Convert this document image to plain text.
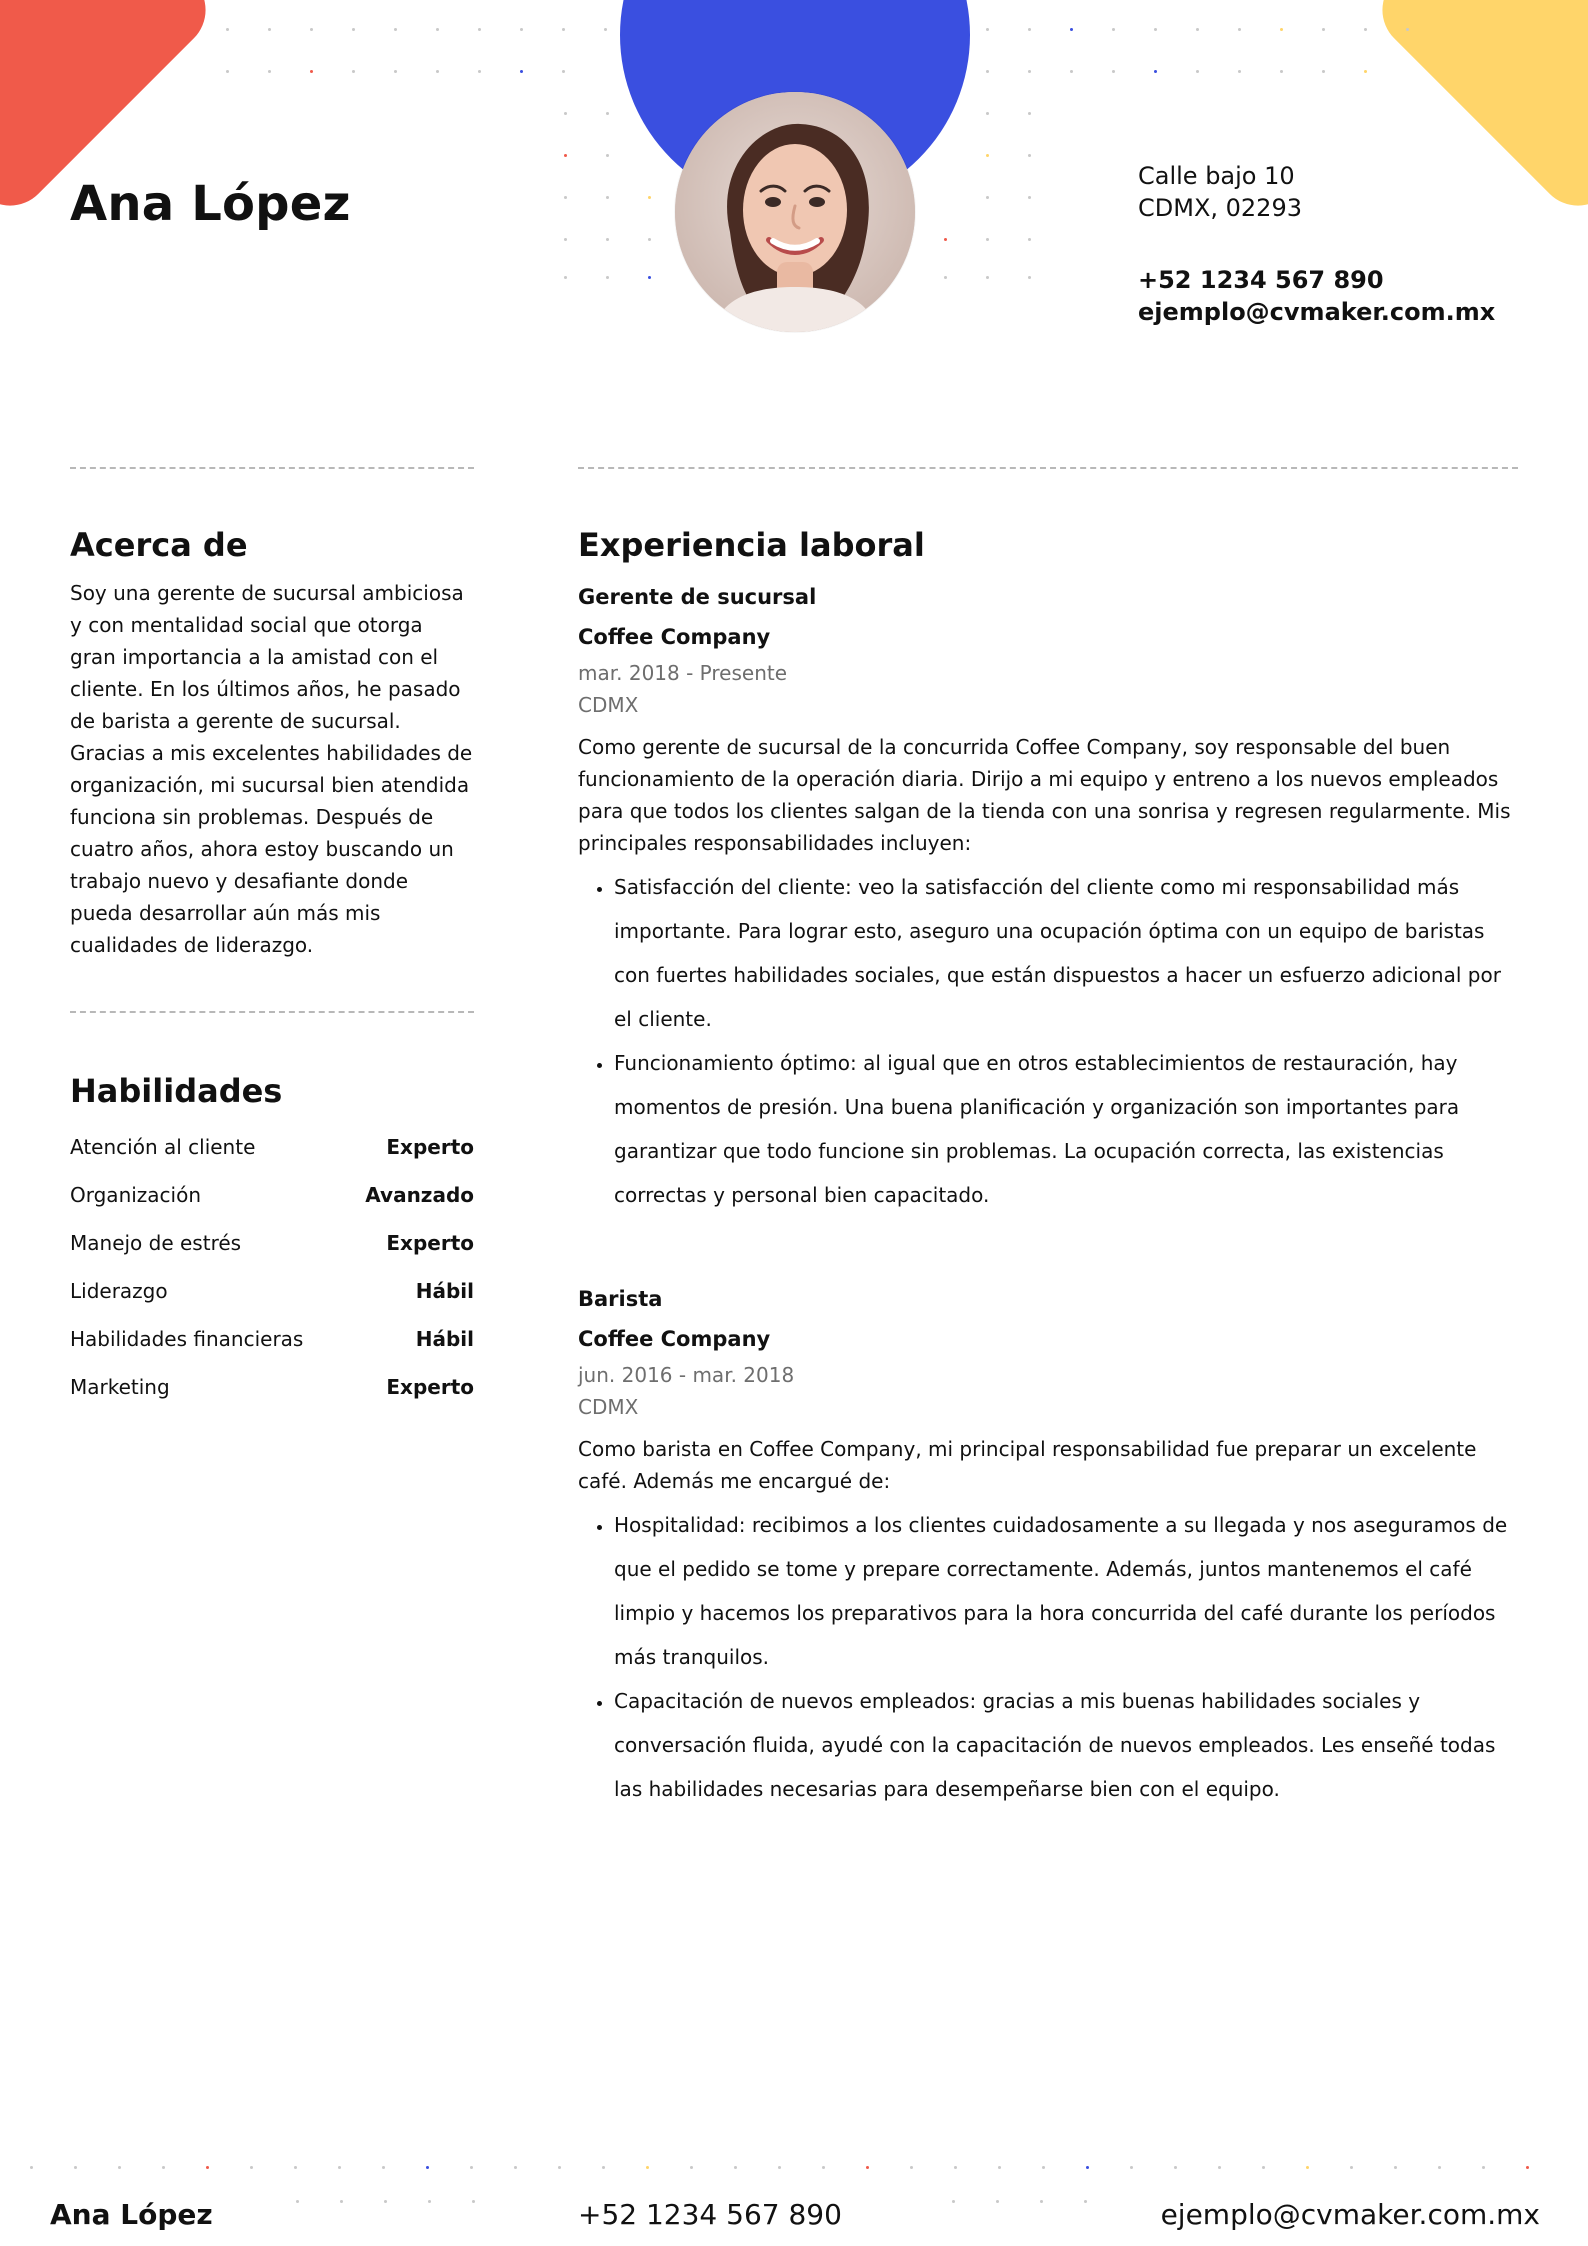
Ana López	Calle bajo 10
CDMX, 02293
+52 1234 567 890
ejemplo@cvmaker.com.mx
Acerca de

Soy una gerente de sucursal ambiciosa y con mentalidad social que otorga gran importancia a la amistad con el cliente. En los últimos años, he pasado de barista a gerente de sucursal. Gracias a mis excelentes habilidades de organización, mi sucursal bien atendida funciona sin problemas. Después de cuatro años, ahora estoy buscando un trabajo nuevo y desafiante donde pueda desarrollar aún más mis cualidades de liderazgo.

Habilidades
Atención al cliente	Experto
Organización	Avanzado
Manejo de estrés	Experto
Liderazgo	Hábil
Habilidades financieras	Hábil
Marketing	Experto
Experiencia laboral
Gerente de sucursal
Coffee Company
mar. 2018 - Presente
CDMX

Como gerente de sucursal de la concurrida Coffee Company, soy responsable del buen funcionamiento de la operación diaria. Dirijo a mi equipo y entreno a los nuevos empleados para que todos los clientes salgan de la tienda con una sonrisa y regresen regularmente. Mis principales responsabilidades incluyen:

• Satisfacción del cliente: veo la satisfacción del cliente como mi responsabilidad más importante. Para lograr esto, aseguro una ocupación óptima con un equipo de baristas con fuertes habilidades sociales, que están dispuestos a hacer un esfuerzo adicional por el cliente.
• Funcionamiento óptimo: al igual que en otros establecimientos de restauración, hay momentos de presión. Una buena planificación y organización son importantes para garantizar que todo funcione sin problemas. La ocupación correcta, las existencias correctas y personal bien capacitado.
Barista
Coffee Company
jun. 2016 - mar. 2018
CDMX

Como barista en Coffee Company, mi principal responsabilidad fue preparar un excelente café. Además me encargué de:

• Hospitalidad: recibimos a los clientes cuidadosamente a su llegada y nos aseguramos de que el pedido se tome y prepare correctamente. Además, juntos mantenemos el café limpio y hacemos los preparativos para la hora concurrida del café durante los períodos más tranquilos.
• Capacitación de nuevos empleados: gracias a mis buenas habilidades sociales y conversación fluida, ayudé con la capacitación de nuevos empleados. Les enseñé todas las habilidades necesarias para desempeñarse bien con el equipo.
Ana López	+52 1234 567 890	ejemplo@cvmaker.com.mx
